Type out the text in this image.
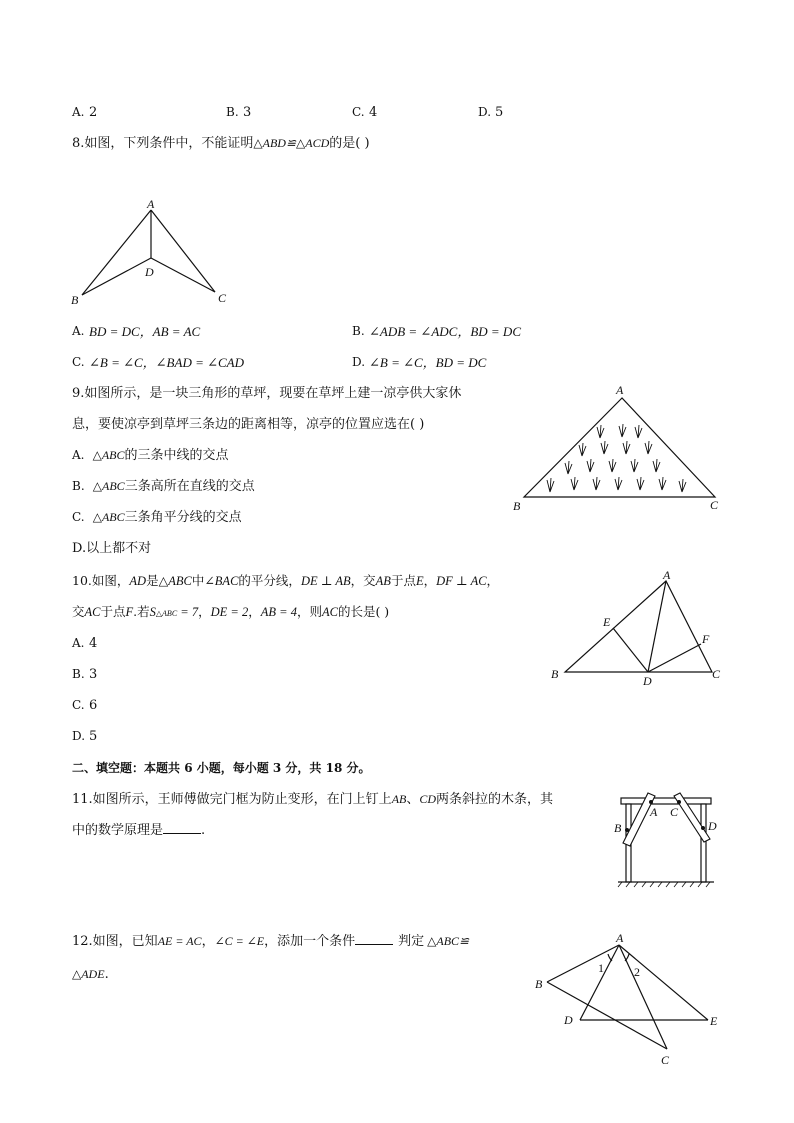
A. 2	B. 3	C. 4	D. 5
8.如图，下列条件中，不能证明△ABD≌△ACD的是( )
A
B	C
D
A. BD = DC，AB = AC	B. ∠ADB = ∠ADC，BD = DC
C. ∠B = ∠C，∠BAD = ∠CAD	D. ∠B = ∠C，BD = DC
9.如图所示，是一块三角形的草坪，现要在草坪上建一凉亭供大家休
息，要使凉亭到草坪三条边的距离相等，凉亭的位置应选在( )
A. △ABC的三条中线的交点
B. △ABC三条高所在直线的交点
C. △ABC三条角平分线的交点
D.以上都不对
A
B	C
10.如图，AD是△ABC中∠BAC的平分线，DE ⊥ AB，交AB于点E，DF ⊥ AC，
交AC于点F.若S△ABC = 7，DE = 2，AB = 4，则AC的长是( )
A. 4
B. 3
C. 6
D. 5
A
B	C
D
E
F
二、填空题：本题共 6 小题，每小题 3 分，共 18 分。
11.如图所示，王师傅做完门框为防止变形，在门上钉上AB、CD两条斜拉的木条，其
中的数学原理是	.
A
B
C
D
12.如图，已知AE = AC，∠C = ∠E，添加一个条件	判定 △ABC≌
△ADE.
A
B
C
D	E
1	2
